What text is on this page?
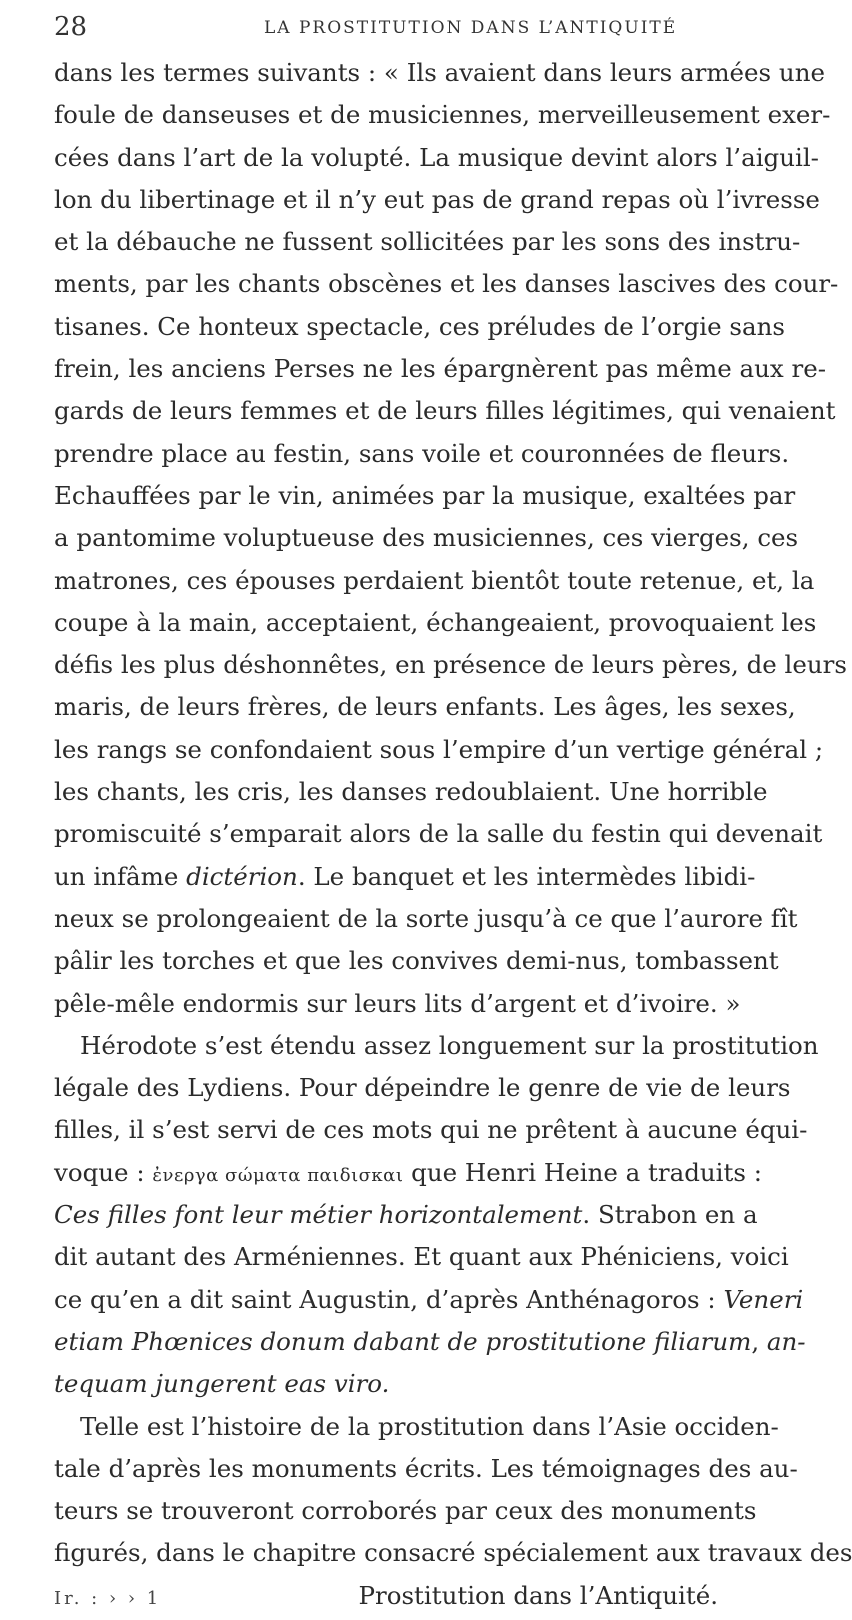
28	LA PROSTITUTION DANS L’ANTIQUITÉ
dans les termes suivants : « Ils avaient dans leurs armées une
foule de danseuses et de musiciennes, merveilleusement exer-
cées dans l’art de la volupté. La musique devint alors l’aiguil-
lon du libertinage et il n’y eut pas de grand repas où l’ivresse
et la débauche ne fussent sollicitées par les sons des instru-
ments, par les chants obscènes et les danses lascives des cour-
tisanes. Ce honteux spectacle, ces préludes de l’orgie sans
frein, les anciens Perses ne les épargnèrent pas même aux re-
gards de leurs femmes et de leurs filles légitimes, qui venaient
prendre place au festin, sans voile et couronnées de fleurs.
Echauffées par le vin, animées par la musique, exaltées par
a pantomime voluptueuse des musiciennes, ces vierges, ces
matrones, ces épouses perdaient bientôt toute retenue, et, la
coupe à la main, acceptaient, échangeaient, provoquaient les
défis les plus déshonnêtes, en présence de leurs pères, de leurs
maris, de leurs frères, de leurs enfants. Les âges, les sexes,
les rangs se confondaient sous l’empire d’un vertige général ;
les chants, les cris, les danses redoublaient. Une horrible
promiscuité s’emparait alors de la salle du festin qui devenait
un infâme dictérion. Le banquet et les intermèdes libidi-
neux se prolongeaient de la sorte jusqu’à ce que l’aurore fît
pâlir les torches et que les convives demi-nus, tombassent
pêle-mêle endormis sur leurs lits d’argent et d’ivoire. »
Hérodote s’est étendu assez longuement sur la prostitution
légale des Lydiens. Pour dépeindre le genre de vie de leurs
filles, il s’est servi de ces mots qui ne prêtent à aucune équi-
voque : ἐνεργα σώματα παιδισκαι que Henri Heine a traduits :
Ces filles font leur métier horizontalement. Strabon en a
dit autant des Arméniennes. Et quant aux Phéniciens, voici
ce qu’en a dit saint Augustin, d’après Anthénagoros : Veneri
etiam Phœnices donum dabant de prostitutione filiarum, an-
tequam jungerent eas viro.
Telle est l’histoire de la prostitution dans l’Asie occiden-
tale d’après les monuments écrits. Les témoignages des au-
teurs se trouveront corroborés par ceux des monuments
figurés, dans le chapitre consacré spécialement aux travaux des
Ir. : › › 1	Prostitution dans l’Antiquité.
